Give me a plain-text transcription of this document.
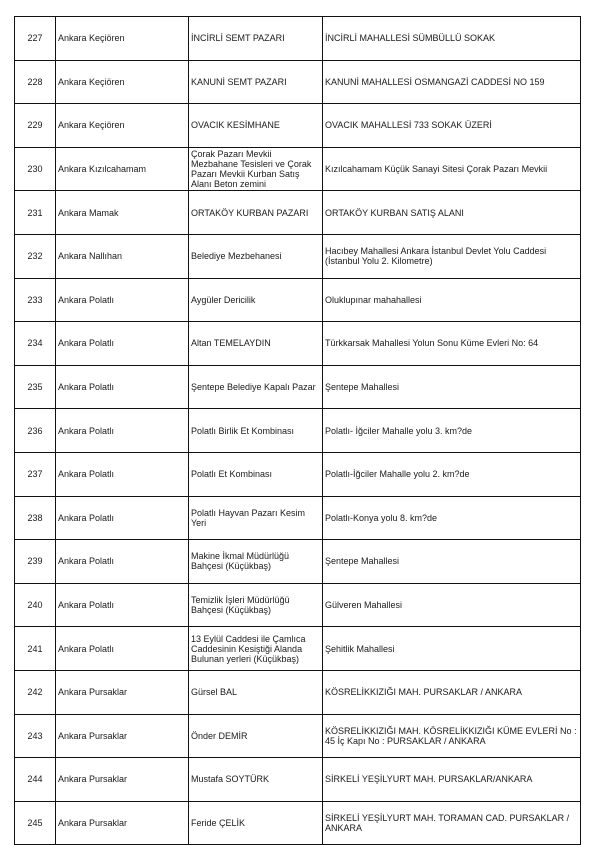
227	Ankara Keçiören	İNCİRLİ SEMT PAZARI	İNCİRLİ MAHALLESİ SÜMBÜLLÜ SOKAK
228	Ankara Keçiören	KANUNİ SEMT PAZARI	KANUNİ MAHALLESİ OSMANGAZİ CADDESİ NO 159
229	Ankara Keçiören	OVACIK KESİMHANE	OVACIK MAHALLESİ 733 SOKAK ÜZERİ
230	Ankara Kızılcahamam	Çorak Pazarı Mevkii Mezbahane Tesisleri ve Çorak Pazarı Mevkii Kurban Satış Alanı Beton zemini	Kızılcahamam Küçük Sanayi Sitesi Çorak Pazarı Mevkii
231	Ankara Mamak	ORTAKÖY KURBAN PAZARI	ORTAKÖY KURBAN SATIŞ ALANI
232	Ankara Nallıhan	Belediye Mezbehanesi	Hacıbey Mahallesi Ankara İstanbul Devlet Yolu Caddesi (İstanbul Yolu 2. Kilometre)
233	Ankara Polatlı	Aygüler Dericilik	Oluklupınar mahahallesi
234	Ankara Polatlı	Altan TEMELAYDIN	Türkkarsak Mahallesi Yolun Sonu Küme Evleri No: 64
235	Ankara Polatlı	Şentepe Belediye Kapalı Pazar	Şentepe Mahallesi
236	Ankara Polatlı	Polatlı Birlik Et Kombinası	Polatlı- İğciler Mahalle yolu 3. km?de
237	Ankara Polatlı	Polatlı Et Kombinası	Polatlı-İğciler Mahalle yolu 2. km?de
238	Ankara Polatlı	Polatlı Hayvan Pazarı Kesim Yeri	Polatlı-Konya yolu 8. km?de
239	Ankara Polatlı	Makine İkmal Müdürlüğü Bahçesi (Küçükbaş)	Şentepe Mahallesi
240	Ankara Polatlı	Temizlik İşleri Müdürlüğü Bahçesi (Küçükbaş)	Gülveren Mahallesi
241	Ankara Polatlı	13 Eylül Caddesi ile Çamlıca Caddesinin Kesiştiği Alanda Bulunan yerleri (Küçükbaş)	Şehitlik Mahallesi
242	Ankara Pursaklar	Gürsel BAL	KÖSRELİKKIZIĞI MAH. PURSAKLAR / ANKARA
243	Ankara Pursaklar	Önder DEMİR	KÖSRELİKKIZIĞI MAH. KÖSRELİKKIZIĞI KÜME EVLERİ No : 45 İç Kapı No : PURSAKLAR / ANKARA
244	Ankara Pursaklar	Mustafa SOYTÜRK	SİRKELİ YEŞİLYURT MAH. PURSAKLAR/ANKARA
245	Ankara Pursaklar	Feride ÇELİK	SİRKELİ YEŞİLYURT MAH. TORAMAN CAD. PURSAKLAR / ANKARA
